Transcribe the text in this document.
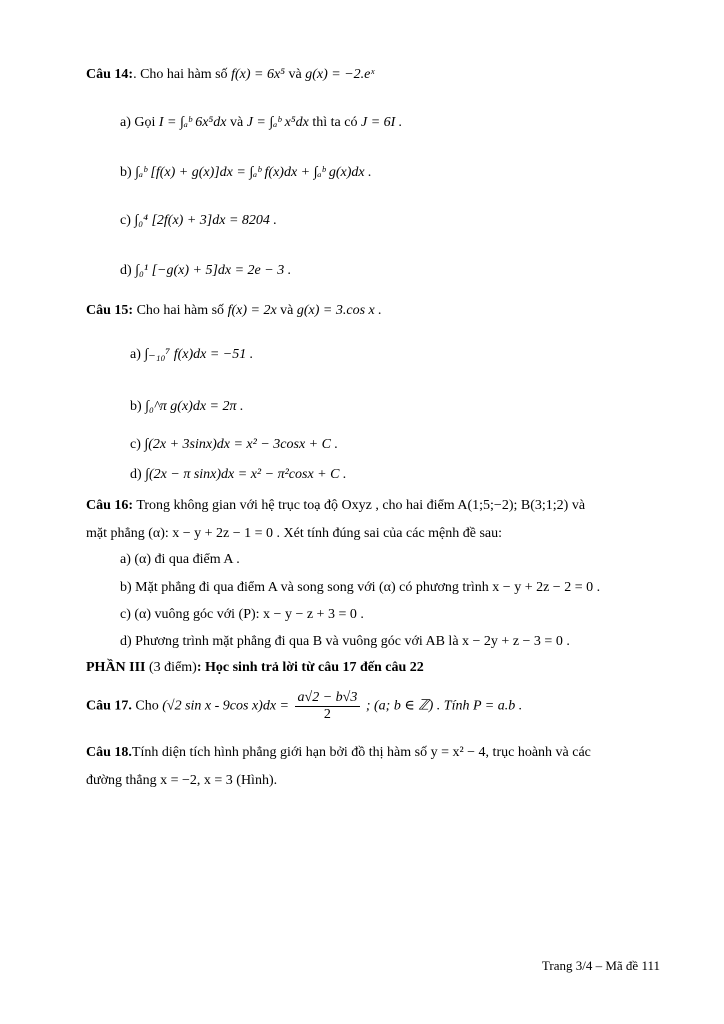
Câu 14:. Cho hai hàm số f(x) = 6x⁵ và g(x) = −2.eˣ
a) Gọi I = ∫ₐᵇ 6x⁵dx và J = ∫ₐᵇ x⁵dx thì ta có J = 6I .
b) ∫ₐᵇ [f(x) + g(x)]dx = ∫ₐᵇ f(x)dx + ∫ₐᵇ g(x)dx .
c) ∫₀⁴ [2f(x) + 3]dx = 8204 .
d) ∫₀¹ [−g(x) + 5]dx = 2e − 3 .
Câu 15: Cho hai hàm số f(x) = 2x và g(x) = 3.cos x .
a) ∫₋₁₀⁷ f(x)dx = −51 .
b) ∫₀^π g(x)dx = 2π .
c) ∫(2x + 3sinx)dx = x² − 3cosx + C .
d) ∫(2x − π sinx)dx = x² − π²cosx + C .
Câu 16: Trong không gian với hệ trục toạ độ Oxyz , cho hai điểm A(1;5;−2); B(3;1;2) và
mặt phẳng (α): x − y + 2z − 1 = 0 . Xét tính đúng sai của các mệnh đề sau:
a) (α) đi qua điểm A .
b) Mặt phẳng đi qua điểm A và song song với (α) có phương trình x − y + 2z − 2 = 0 .
c) (α) vuông góc với (P): x − y − z + 3 = 0 .
d) Phương trình mặt phẳng đi qua B và vuông góc với AB là x − 2y + z − 3 = 0 .
PHẦN III (3 điểm): Học sinh trả lời từ câu 17 đến câu 22
Câu 17. Cho (√2 sin x - 9cos $x)dx = \frac{a√2 - b√3}{2}$ ; (a; b ∈ ℤ) . Tính P = a.b .
Câu 18.Tính diện tích hình phẳng giới hạn bởi đồ thị hàm số y = x² − 4, trục hoành và các
đường thẳng x = −2, x = 3 (Hình).
Trang 3/4 – Mã đề 111
